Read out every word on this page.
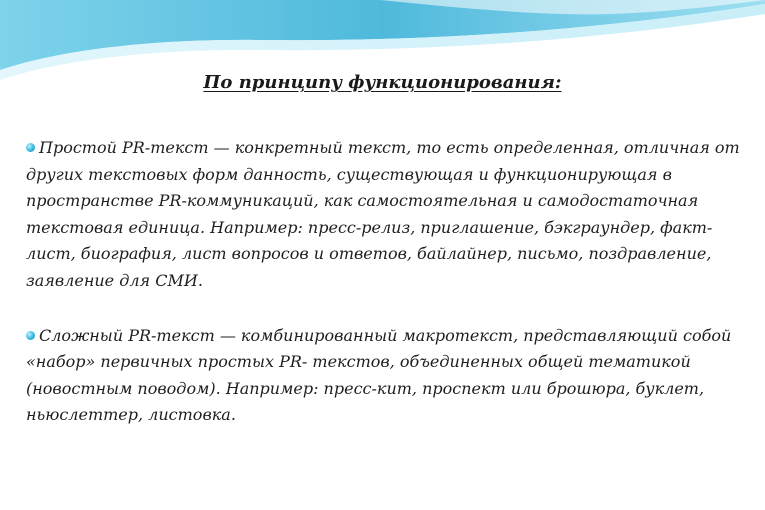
По принципу функционирования:
Простой PR-текст — конкретный текст, то есть определенная, отличная от других текстовых форм данность, существующая и функционирующая в пространстве PR-коммуникаций, как самостоятельная и самодостаточная текстовая единица. Например: пресс-релиз, приглашение, бэкграундер, факт-лист, биография, лист вопросов и ответов, байлайнер, письмо, поздравление, заявление для СМИ.
Сложный PR-текст — комбинированный макротекст, представляющий собой «набор» первичных простых PR- текстов, объединенных общей тематикой (новостным поводом). Например: пресс-кит, проспект или брошюра, буклет, ньюслеттер, листовка.
